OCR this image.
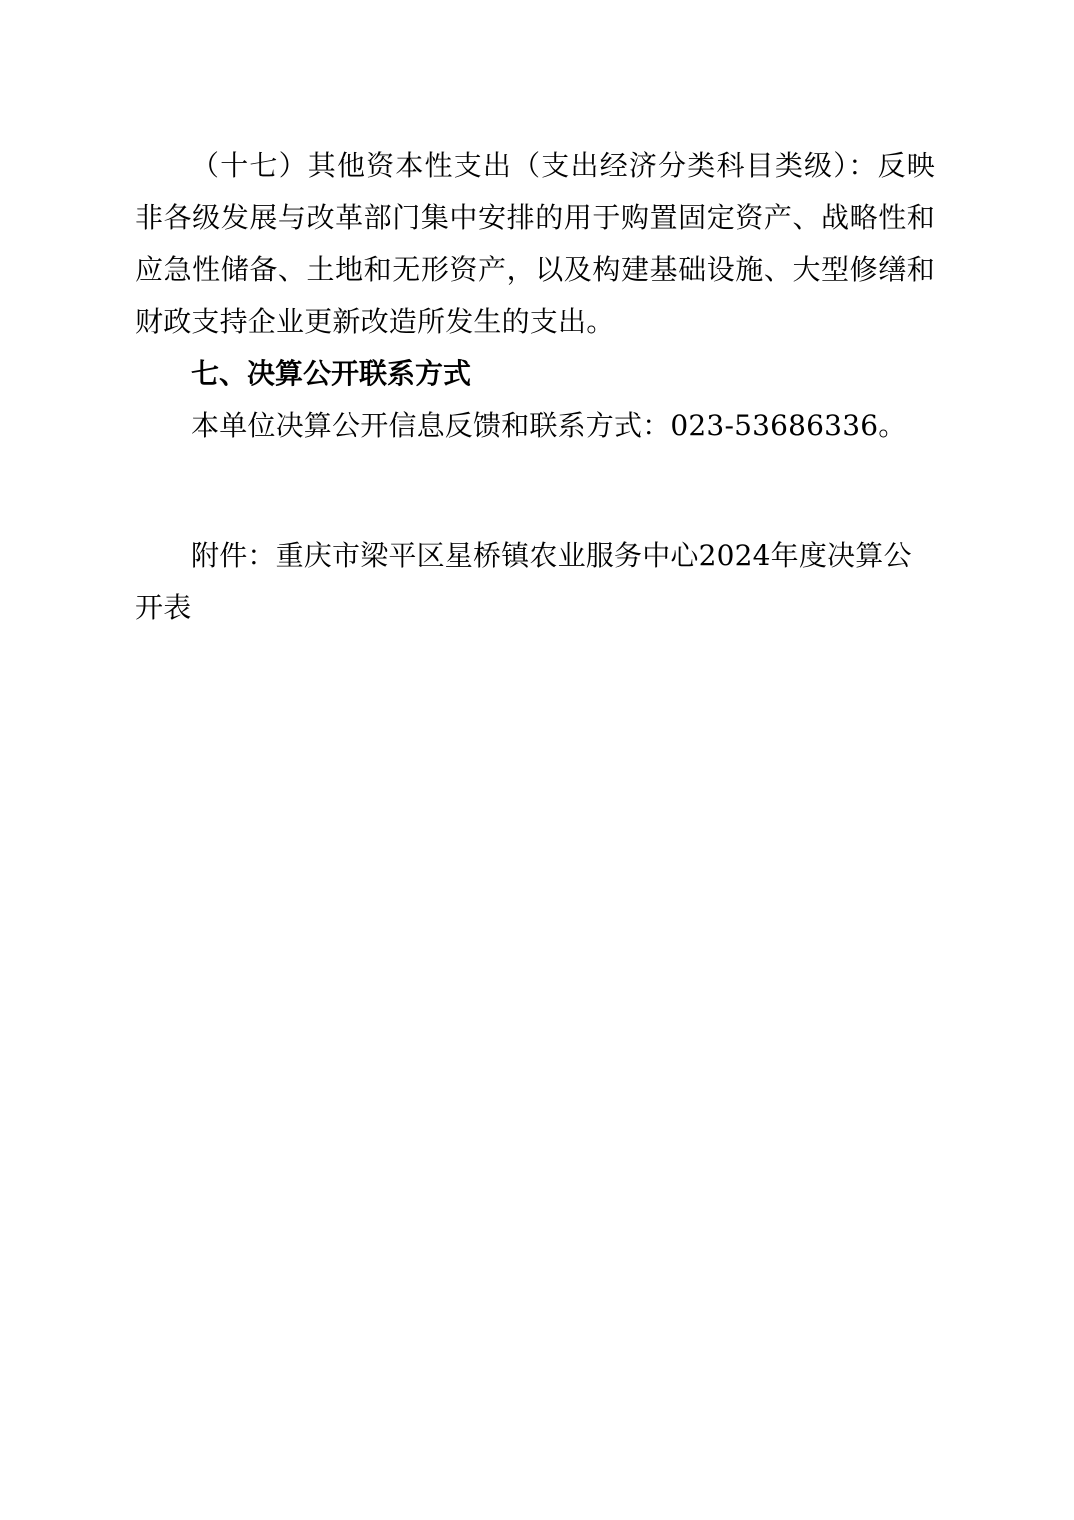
（十七）其他资本性支出（支出经济分类科目类级）：反映非各级发展与改革部门集中安排的用于购置固定资产、战略性和应急性储备、土地和无形资产，以及构建基础设施、大型修缮和财政支持企业更新改造所发生的支出。

七、决算公开联系方式

本单位决算公开信息反馈和联系方式：023-53686336。

附件：重庆市梁平区星桥镇农业服务中心2024年度决算公
开表
